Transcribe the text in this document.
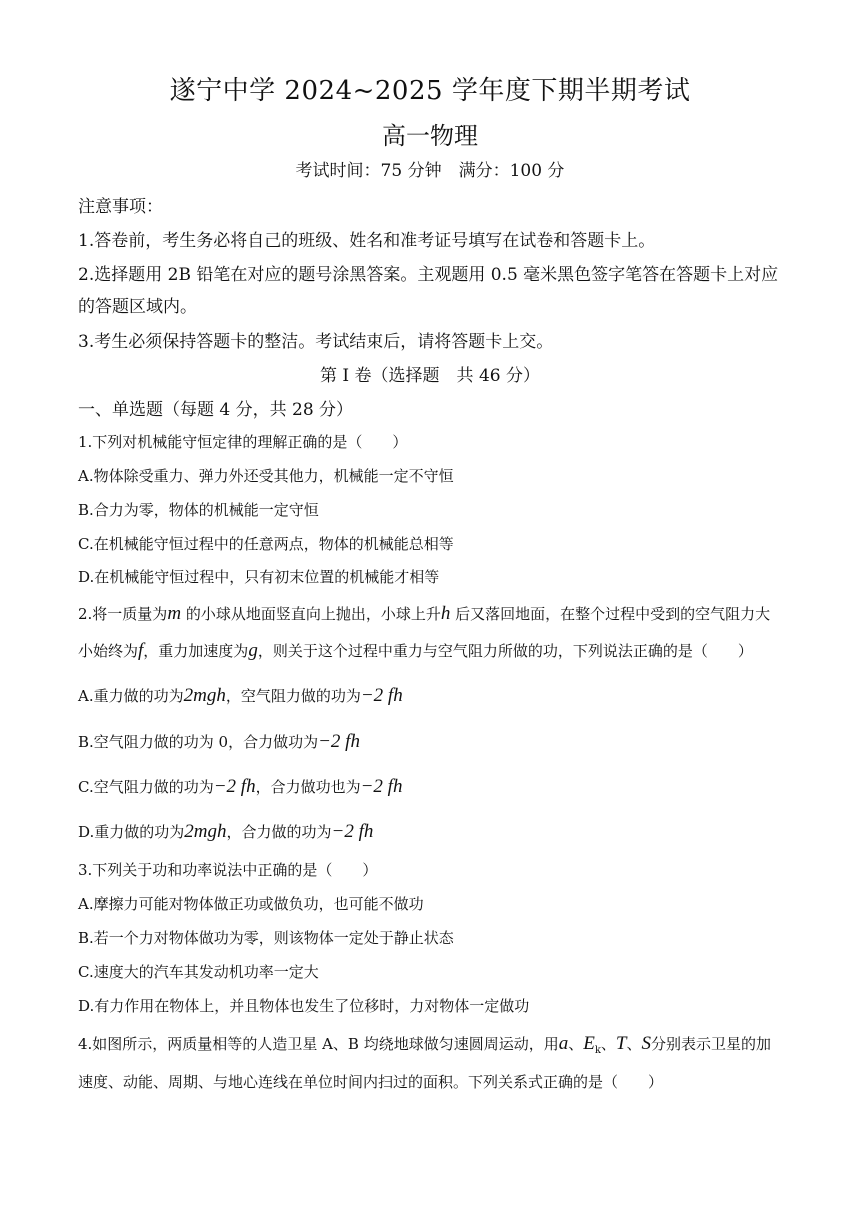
遂宁中学 2024~2025 学年度下期半期考试
高一物理
考试时间：75 分钟　满分：100 分
注意事项：
1.答卷前，考生务必将自己的班级、姓名和准考证号填写在试卷和答题卡上。
2.选择题用 2B 铅笔在对应的题号涂黑答案。主观题用 0.5 毫米黑色签字笔答在答题卡上对应
的答题区域内。
3.考生必须保持答题卡的整洁。考试结束后，请将答题卡上交。
第 I 卷（选择题　共 46 分）
一、单选题（每题 4 分，共 28 分）
1.下列对机械能守恒定律的理解正确的是（　　）
A.物体除受重力、弹力外还受其他力，机械能一定不守恒
B.合力为零，物体的机械能一定守恒
C.在机械能守恒过程中的任意两点，物体的机械能总相等
D.在机械能守恒过程中，只有初末位置的机械能才相等
2.将一质量为m 的小球从地面竖直向上抛出，小球上升h 后又落回地面，在整个过程中受到的空气阻力大
小始终为f，重力加速度为g，则关于这个过程中重力与空气阻力所做的功，下列说法正确的是（　　）
A.重力做的功为2mgh，空气阻力做的功为−2 fh
B.空气阻力做的功为 0，合力做功为−2 fh
C.空气阻力做的功为−2 fh，合力做功也为−2 fh
D.重力做的功为2mgh，合力做的功为−2 fh
3.下列关于功和功率说法中正确的是（　　）
A.摩擦力可能对物体做正功或做负功，也可能不做功
B.若一个力对物体做功为零，则该物体一定处于静止状态
C.速度大的汽车其发动机功率一定大
D.有力作用在物体上，并且物体也发生了位移时，力对物体一定做功
4.如图所示，两质量相等的人造卫星 A、B 均绕地球做匀速圆周运动，用a、$E_k$、T、S分别表示卫星的加
速度、动能、周期、与地心连线在单位时间内扫过的面积。下列关系式正确的是（　　）
